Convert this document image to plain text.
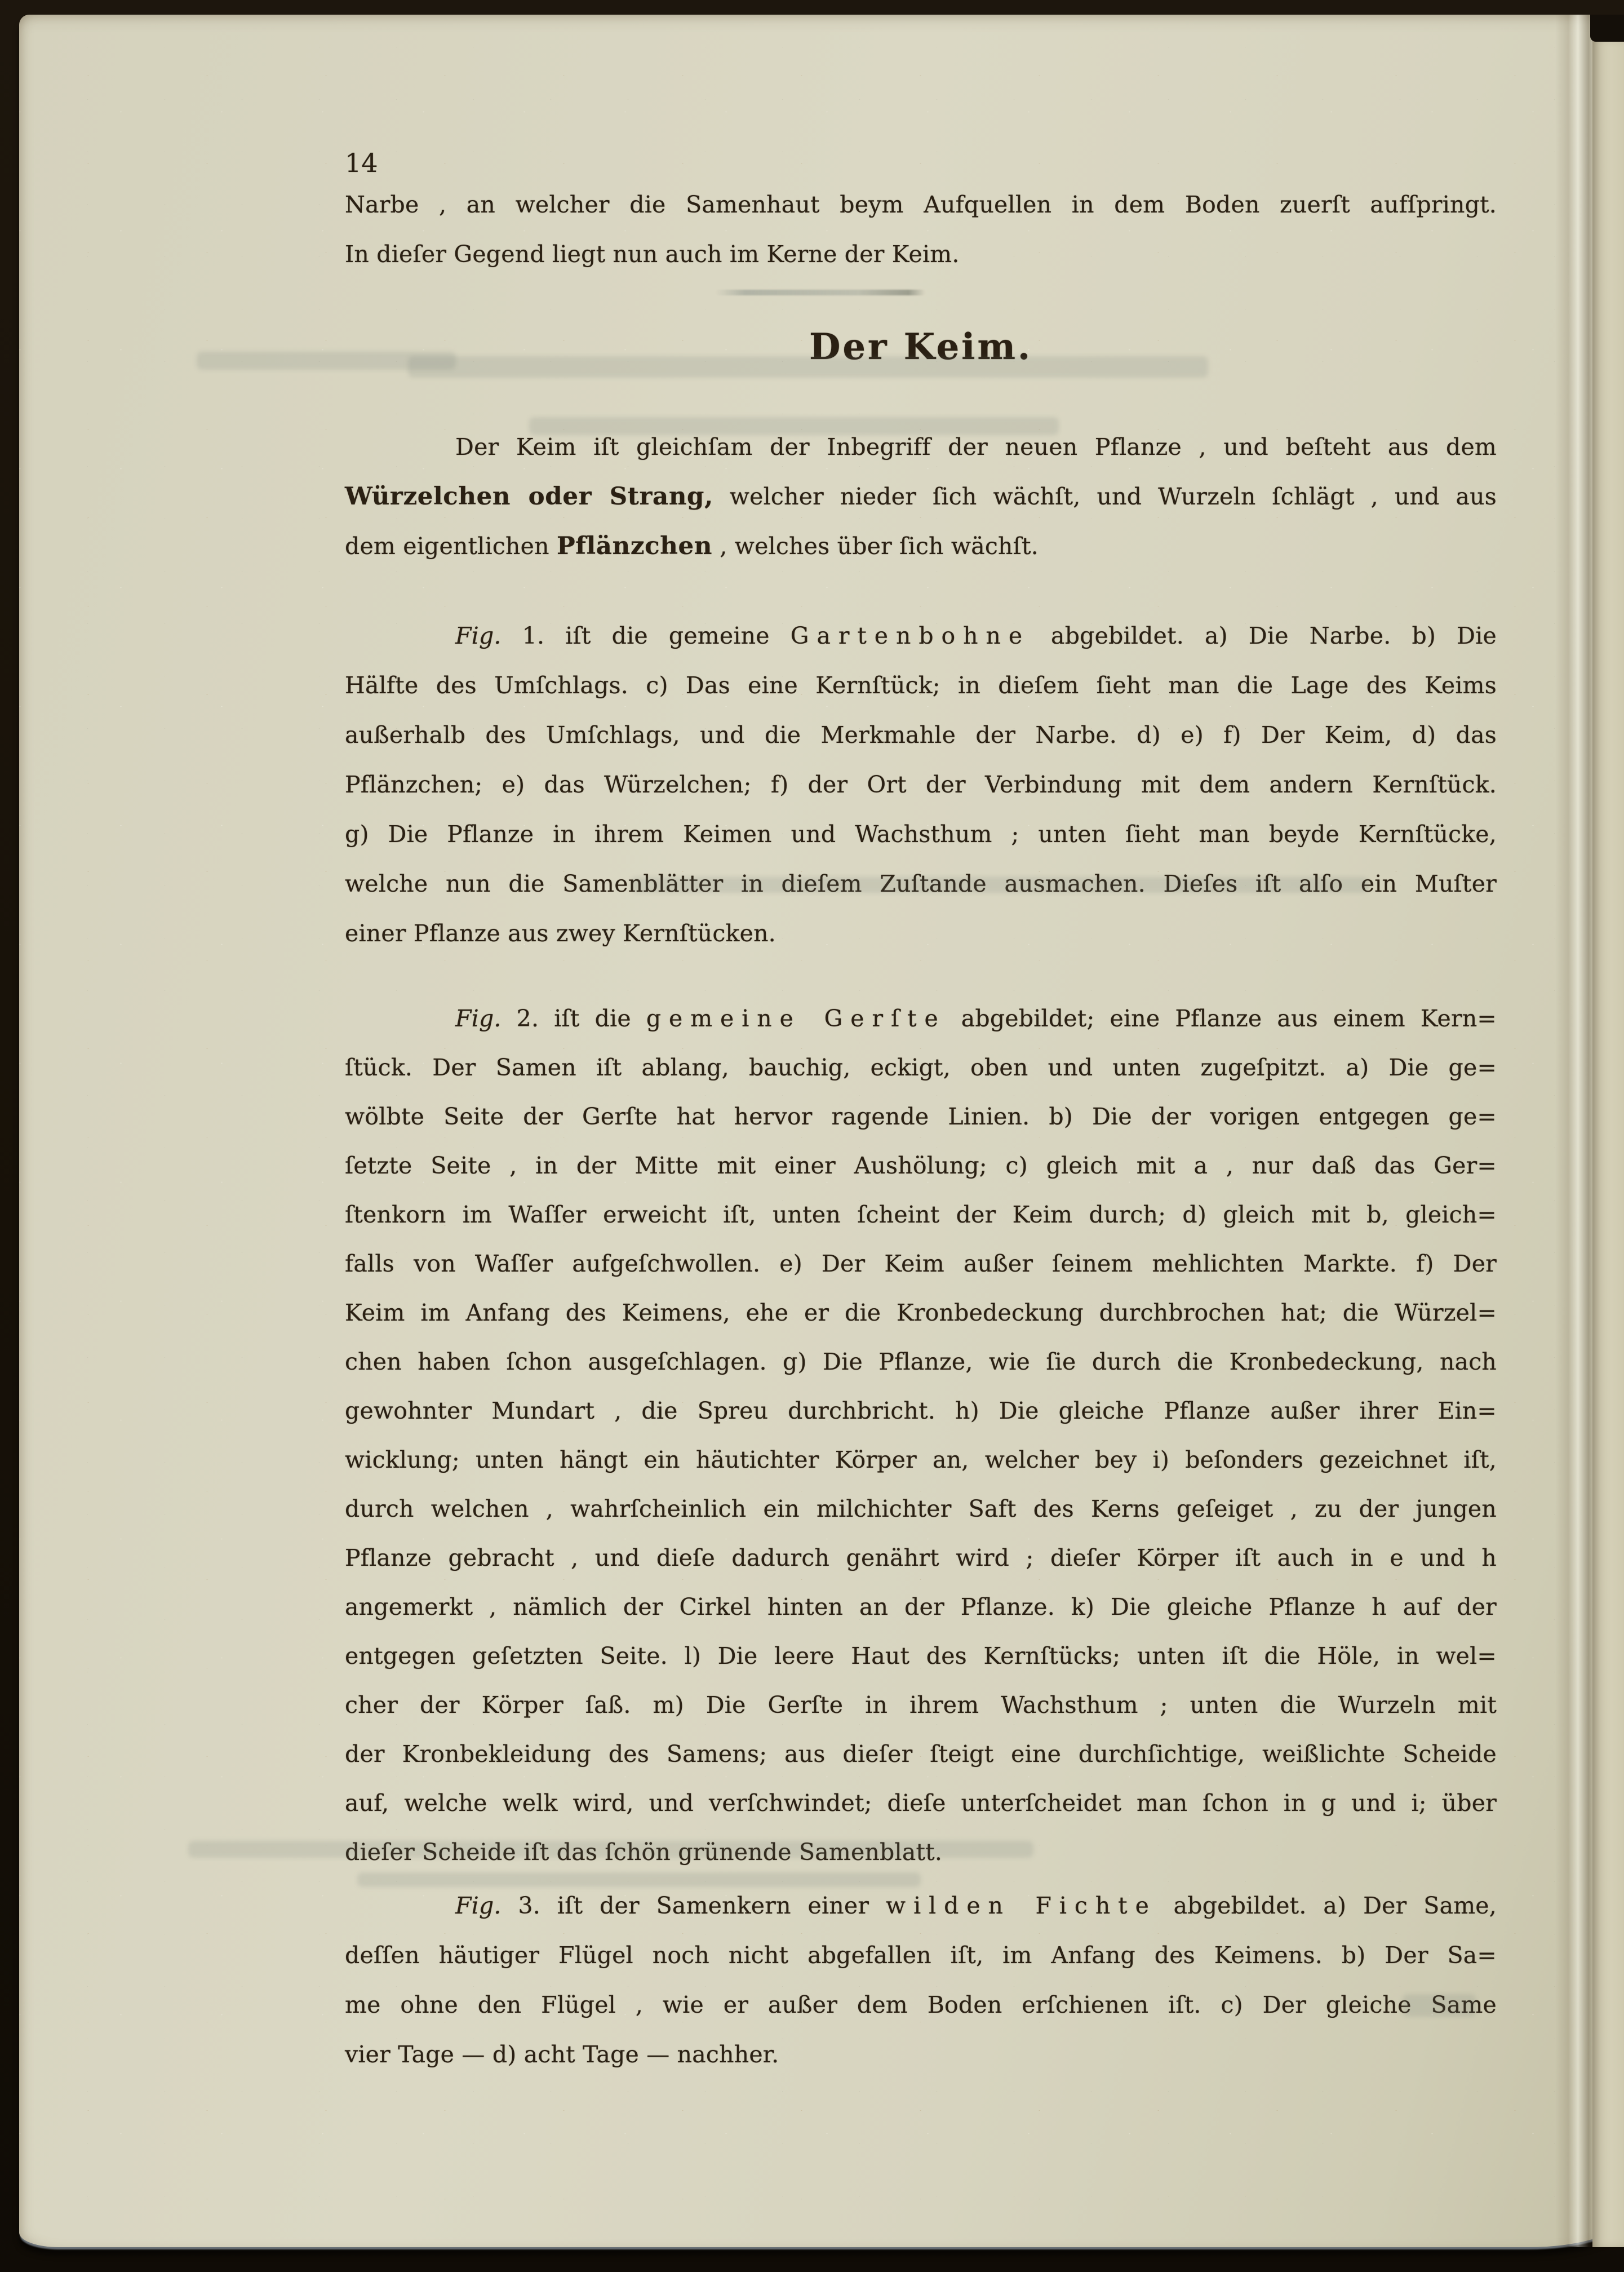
14
Narbe , an welcher die Samenhaut beym Aufquellen in dem Boden zuerſt aufſpringt.
In dieſer Gegend liegt nun auch im Kerne der Keim.
Der Keim.
Der Keim iſt gleichſam der Inbegriff der neuen Pflanze , und beſteht aus dem
Würzelchen oder Strang, welcher nieder ſich wächſt, und Wurzeln ſchlägt , und aus
dem eigentlichen Pflänzchen , welches über ſich wächſt.
Fig. 1. iſt die gemeine Gartenbohne abgebildet. a) Die Narbe. b) Die
Hälfte des Umſchlags. c) Das eine Kernſtück; in dieſem ſieht man die Lage des Keims
außerhalb des Umſchlags, und die Merkmahle der Narbe. d) e) f) Der Keim, d) das
Pflänzchen; e) das Würzelchen; f) der Ort der Verbindung mit dem andern Kernſtück.
g) Die Pflanze in ihrem Keimen und Wachsthum ; unten ſieht man beyde Kernſtücke,
welche nun die Samenblätter in dieſem Zuſtande ausmachen. Dieſes iſt alſo ein Muſter
einer Pflanze aus zwey Kernſtücken.
Fig. 2. iſt die gemeine Gerſte abgebildet; eine Pflanze aus einem Kern=
ſtück. Der Samen iſt ablang, bauchig, eckigt, oben und unten zugeſpitzt. a) Die ge=
wölbte Seite der Gerſte hat hervor ragende Linien. b) Die der vorigen entgegen ge=
ſetzte Seite , in der Mitte mit einer Aushölung; c) gleich mit a , nur daß das Ger=
ſtenkorn im Waſſer erweicht iſt, unten ſcheint der Keim durch; d) gleich mit b, gleich=
falls von Waſſer aufgeſchwollen. e) Der Keim außer ſeinem mehlichten Markte. f) Der
Keim im Anfang des Keimens, ehe er die Kronbedeckung durchbrochen hat; die Würzel=
chen haben ſchon ausgeſchlagen. g) Die Pflanze, wie ſie durch die Kronbedeckung, nach
gewohnter Mundart , die Spreu durchbricht. h) Die gleiche Pflanze außer ihrer Ein=
wicklung; unten hängt ein häutichter Körper an, welcher bey i) beſonders gezeichnet iſt,
durch welchen , wahrſcheinlich ein milchichter Saft des Kerns geſeiget , zu der jungen
Pflanze gebracht , und dieſe dadurch genährt wird ; dieſer Körper iſt auch in e und h
angemerkt , nämlich der Cirkel hinten an der Pflanze. k) Die gleiche Pflanze h auf der
entgegen geſetzten Seite. l) Die leere Haut des Kernſtücks; unten iſt die Höle, in wel=
cher der Körper ſaß. m) Die Gerſte in ihrem Wachsthum ; unten die Wurzeln mit
der Kronbekleidung des Samens; aus dieſer ſteigt eine durchſichtige, weißlichte Scheide
auf, welche welk wird, und verſchwindet; dieſe unterſcheidet man ſchon in g und i; über
dieſer Scheide iſt das ſchön grünende Samenblatt.
Fig. 3. iſt der Samenkern einer wilden Fichte abgebildet. a) Der Same,
deſſen häutiger Flügel noch nicht abgefallen iſt, im Anfang des Keimens. b) Der Sa=
me ohne den Flügel , wie er außer dem Boden erſchienen iſt. c) Der gleiche Same
vier Tage — d) acht Tage — nachher.
